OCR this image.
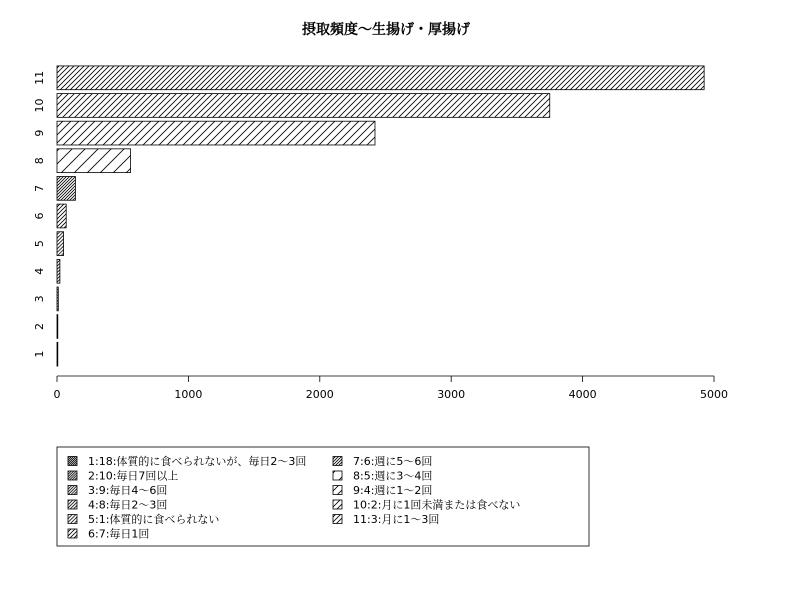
摂取頻度〜生揚げ・厚揚げ
1
2
3
4
5
6
7
8
9
10
11
0	1000	2000	3000	4000	5000
1:18:体質的に食べられないが、毎日2〜3回
2:10:毎日7回以上
3:9:毎日4〜6回
4:8:毎日2〜3回
5:1:体質的に食べられない
6:7:毎日1回
7:6:週に5〜6回
8:5:週に3〜4回
9:4:週に1〜2回
10:2:月に1回未満または食べない
11:3:月に1〜3回
